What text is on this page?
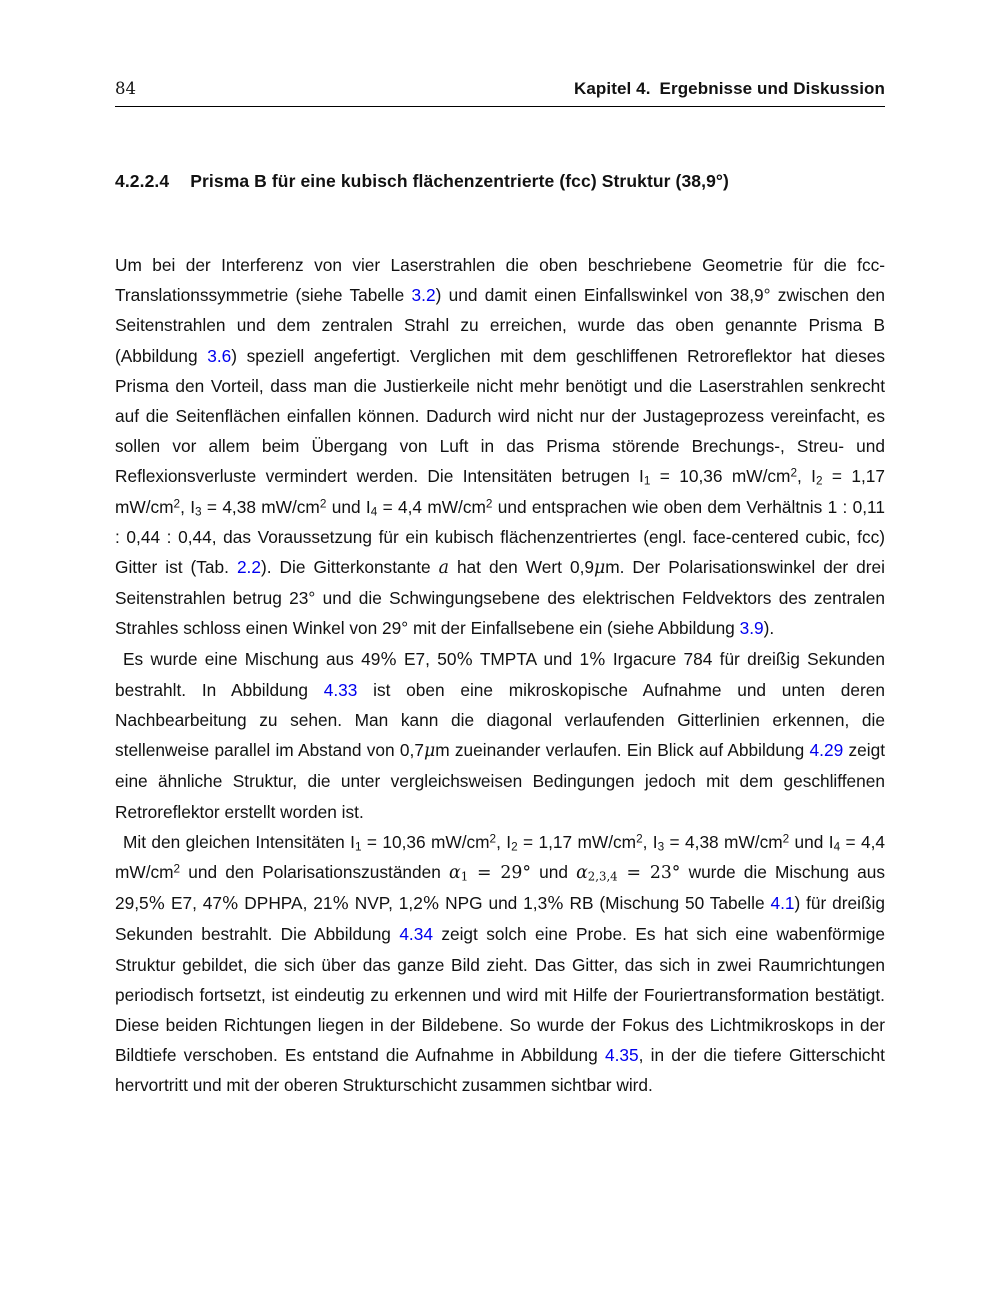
84	Kapitel 4. Ergebnisse und Diskussion
4.2.2.4 Prisma B für eine kubisch flächenzentrierte (fcc) Struktur (38,9°)

Um bei der Interferenz von vier Laserstrahlen die oben beschriebene Geometrie für die fcc-Translationssymmetrie (siehe Tabelle 3.2) und damit einen Einfallswinkel von 38,9° zwischen den Seitenstrahlen und dem zentralen Strahl zu erreichen, wurde das oben genannte Prisma B (Abbildung 3.6) speziell angefertigt. Verglichen mit dem geschliffenen Retroreflektor hat dieses Prisma den Vorteil, dass man die Justierkeile nicht mehr benötigt und die Laserstrahlen senkrecht auf die Seitenflächen einfallen können. Dadurch wird nicht nur der Justageprozess vereinfacht, es sollen vor allem beim Übergang von Luft in das Prisma störende Brechungs-, Streu- und Reflexionsverluste vermindert werden. Die Intensitäten betrugen $I_1 = 10,36$ $mW/cm^2$, $I_2 = 1,17$ $mW/cm^2$, $I_3 = 4,38$ $mW/cm^2$ und $I_4 = 4,4$ $mW/cm^2$ und entsprachen wie oben dem Verhältnis 1 : 0,11 : 0,44 : 0,44, das Voraussetzung für ein kubisch flächenzentriertes (engl. face-centered cubic, fcc) Gitter ist (Tab. 2.2). Die Gitterkonstante a hat den Wert 0,9μm. Der Polarisationswinkel der drei Seitenstrahlen betrug 23° und die Schwingungsebene des elektrischen Feldvektors des zentralen Strahles schloss einen Winkel von 29° mit der Einfallsebene ein (siehe Abbildung 3.9).

Es wurde eine Mischung aus 49% E7, 50% TMPTA und 1% Irgacure 784 für dreißig Sekunden bestrahlt. In Abbildung 4.33 ist oben eine mikroskopische Aufnahme und unten deren Nachbearbeitung zu sehen. Man kann die diagonal verlaufenden Gitterlinien erkennen, die stellenweise parallel im Abstand von 0,7μm zueinander verlaufen. Ein Blick auf Abbildung 4.29 zeigt eine ähnliche Struktur, die unter vergleichsweisen Bedingungen jedoch mit dem geschliffenen Retroreflektor erstellt worden ist.

Mit den gleichen Intensitäten $I_1 = 10,36$ $mW/cm^2$, $I_2 = 1,17$ $mW/cm^2$, $I_3 = 4,38$ $mW/cm^2$ und $I_4 = 4,4$ $mW/cm^2$ und den Polarisationszuständen $\alpha_1 = 29^\circ$ und $\alpha_{2,3,4} = 23^\circ$ wurde die Mischung aus 29,5% E7, 47% DPHPA, 21% NVP, 1,2% NPG und 1,3% RB (Mischung 50 Tabelle 4.1) für dreißig Sekunden bestrahlt. Die Abbildung 4.34 zeigt solch eine Probe. Es hat sich eine wabenförmige Struktur gebildet, die sich über das ganze Bild zieht. Das Gitter, das sich in zwei Raumrichtungen periodisch fortsetzt, ist eindeutig zu erkennen und wird mit Hilfe der Fouriertransformation bestätigt. Diese beiden Richtungen liegen in der Bildebene. So wurde der Fokus des Lichtmikroskops in der Bildtiefe verschoben. Es entstand die Aufnahme in Abbildung 4.35, in der die tiefere Gitterschicht hervortritt und mit der oberen Strukturschicht zusammen sichtbar wird.
